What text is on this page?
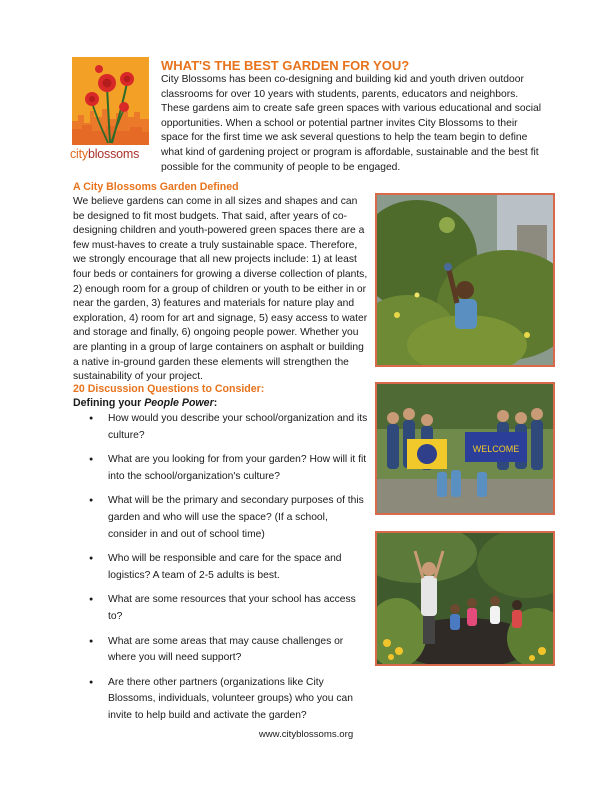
cityblossoms
WHAT'S THE BEST GARDEN FOR YOU?
City Blossoms has been co-designing and building kid and youth driven outdoor classrooms for over 10 years with students, parents, educators and neighbors. These gardens aim to create safe green spaces with various educational and social opportunities. When a school or potential partner invites City Blossoms to their space for the first time we ask several questions to help the team begin to define what kind of gardening project or program is affordable, sustainable and the best fit possible for the community of people to be engaged.
A City Blossoms Garden Defined
We believe gardens can come in all sizes and shapes and can be designed to fit most budgets. That said, after years of co-designing children and youth-powered green spaces there are a few must-haves to create a truly sustainable space. Therefore, we strongly encourage that all new projects include: 1) at least four beds or containers for growing a diverse collection of plants, 2) enough room for a group of children or youth to be either in or near the garden, 3) features and materials for nature play and exploration, 4) room for art and signage, 5) easy access to water and storage and finally, 6) ongoing people power. Whether you are planting in a group of large containers on asphalt or building a native in-ground garden these elements will strengthen the sustainability of your project.
20 Discussion Questions to Consider:
Defining your People Power:
● How would you describe your school/organization and its culture?
● What are you looking for from your garden? How will it fit into the school/organization's culture?
● What will be the primary and secondary purposes of this garden and who will use the space? (If a school, consider in and out of school time)
● Who will be responsible and care for the space and logistics? A team of 2-5 adults is best.
● What are some resources that your school has access to?
● What are some areas that may cause challenges or where you will need support?
● Are there other partners (organizations like City Blossoms, individuals, volunteer groups) who you can invite to help build and activate the garden?
WELCOME
www.cityblossoms.org
